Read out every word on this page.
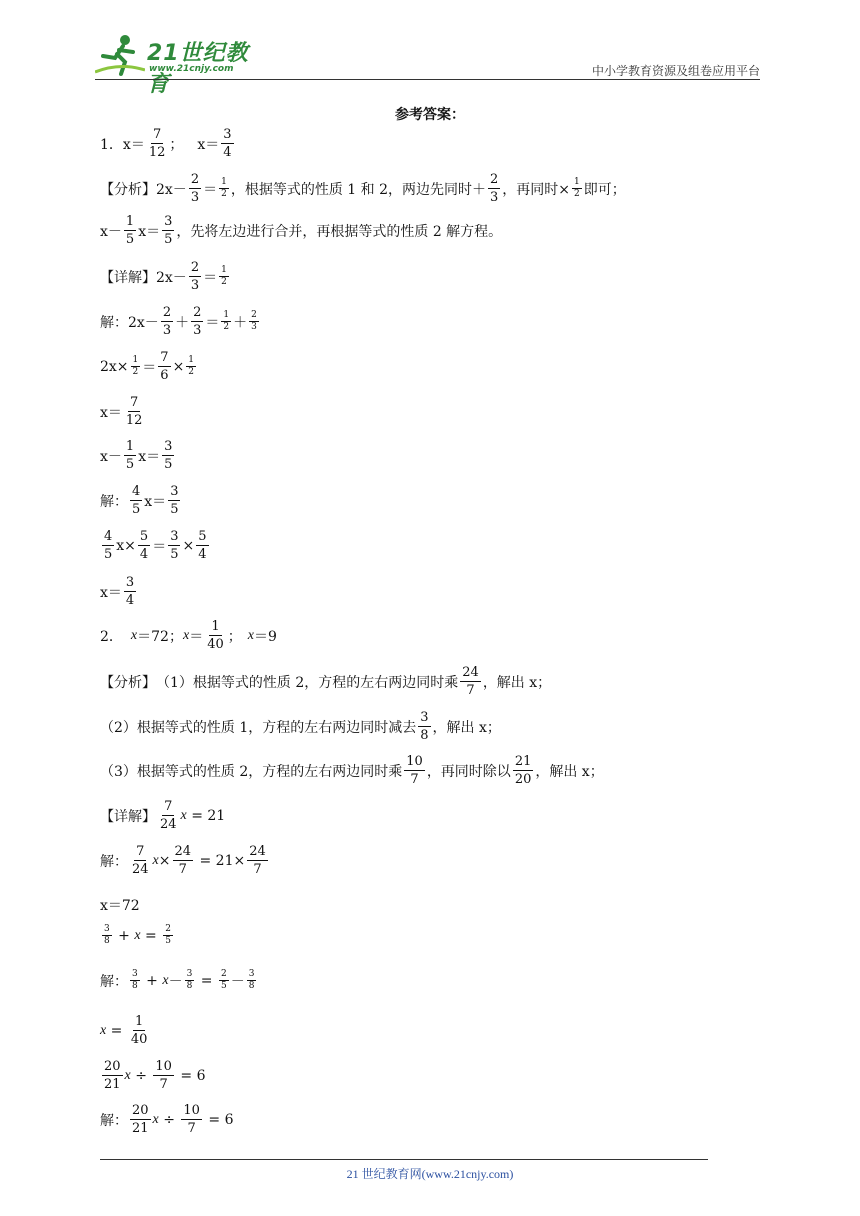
21世纪教育
www.21cnjy.com	中小学教育资源及组卷应用平台
参考答案：
1． $x= \frac{7}{12}$ ； $x= \frac{3}{4}$
【分析】 $2x- \frac{2}{3} = \frac{1}{2}$ ，根据等式的性质 1 和 2，两边先同时＋ $\frac{2}{3}$ ，再同时× $\frac{1}{2}$ 即可；
$x- \frac{1}{5} x= \frac{3}{5}$ ，先将左边进行合并，再根据等式的性质 2 解方程。
【详解】 $2x- \frac{2}{3} = \frac{1}{2}$
解：$2x- \frac{2}{3} + \frac{2}{3} = \frac{1}{2} + \frac{2}{3}$
$2x\times \frac{1}{2} = \frac{7}{6} \times \frac{1}{2}$
$x= \frac{7}{12}$
$x- \frac{1}{5} x= \frac{3}{5}$
解： $\frac{4}{5} x= \frac{3}{5}$
$\frac{4}{5} x\times \frac{5}{4} = \frac{3}{5} \times \frac{5}{4}$
$x= \frac{3}{4}$
2． x ＝72； $x = \frac{1}{40}$ ； x ＝9
【分析】 （1）根据等式的性质 2，方程的左右两边同时乘 $\frac{24}{7}$ ，解出 x；
（2）根据等式的性质 1，方程的左右两边同时减去 $\frac{3}{8}$ ，解出 x；
（3）根据等式的性质 2，方程的左右两边同时乘 $\frac{10}{7}$ ，再同时除以 $\frac{21}{20}$ ，解出 x；
【详解】 $\frac{7}{24}$ x = 21
解： $\frac{7}{24}$ $x \times \frac{24}{7} = 21\times \frac{24}{7}$
x＝72
$\frac{3}{8} + x = \frac{2}{5}$
解： $\frac{3}{8} + x - \frac{3}{8} = \frac{2}{5} - \frac{3}{8}$
$x = \frac{1}{40}$
$\frac{20}{21}$ $x \div \frac{10}{7} = 6$
解： $\frac{20}{21}$ $x \div \frac{10}{7} = 6$
21 世纪教育网(www.21cnjy.com)
